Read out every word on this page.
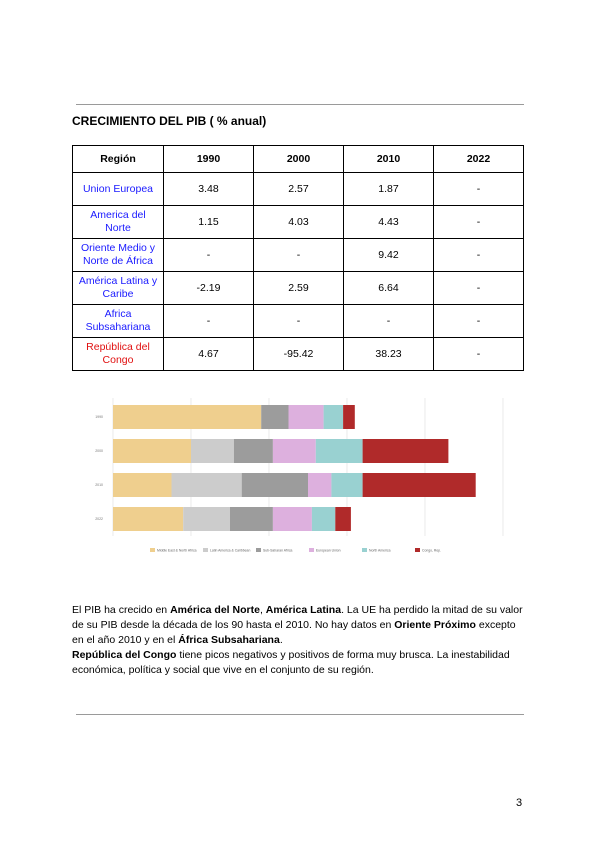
CRECIMIENTO DEL PIB ( % anual)
Región	1990	2000	2010	2022
Union Europea	3.48	2.57	1.87	-
America del Norte	1.15	4.03	4.43	-
Oriente Medio y Norte de África	-	-	9.42	-
América Latina y Caribe	-2.19	2.59	6.64	-
Africa Subsahariana	-	-	-	-
República del Congo	4.67	-95.42	38.23	-
1990
2000
2010
2022
Middle East & North Africa	Latin America & Caribbean	Sub-Saharan Africa	European Union	North America	Congo, Rep.

El PIB ha crecido en América del Norte, América Latina. La UE ha perdido la mitad de su valor de su PIB desde la década de los 90 hasta el 2010. No hay datos en Oriente Próximo excepto en el año 2010 y en el África Subsahariana.
República del Congo tiene picos negativos y positivos de forma muy brusca. La inestabilidad económica, política y social que vive en el conjunto de su región.
3
